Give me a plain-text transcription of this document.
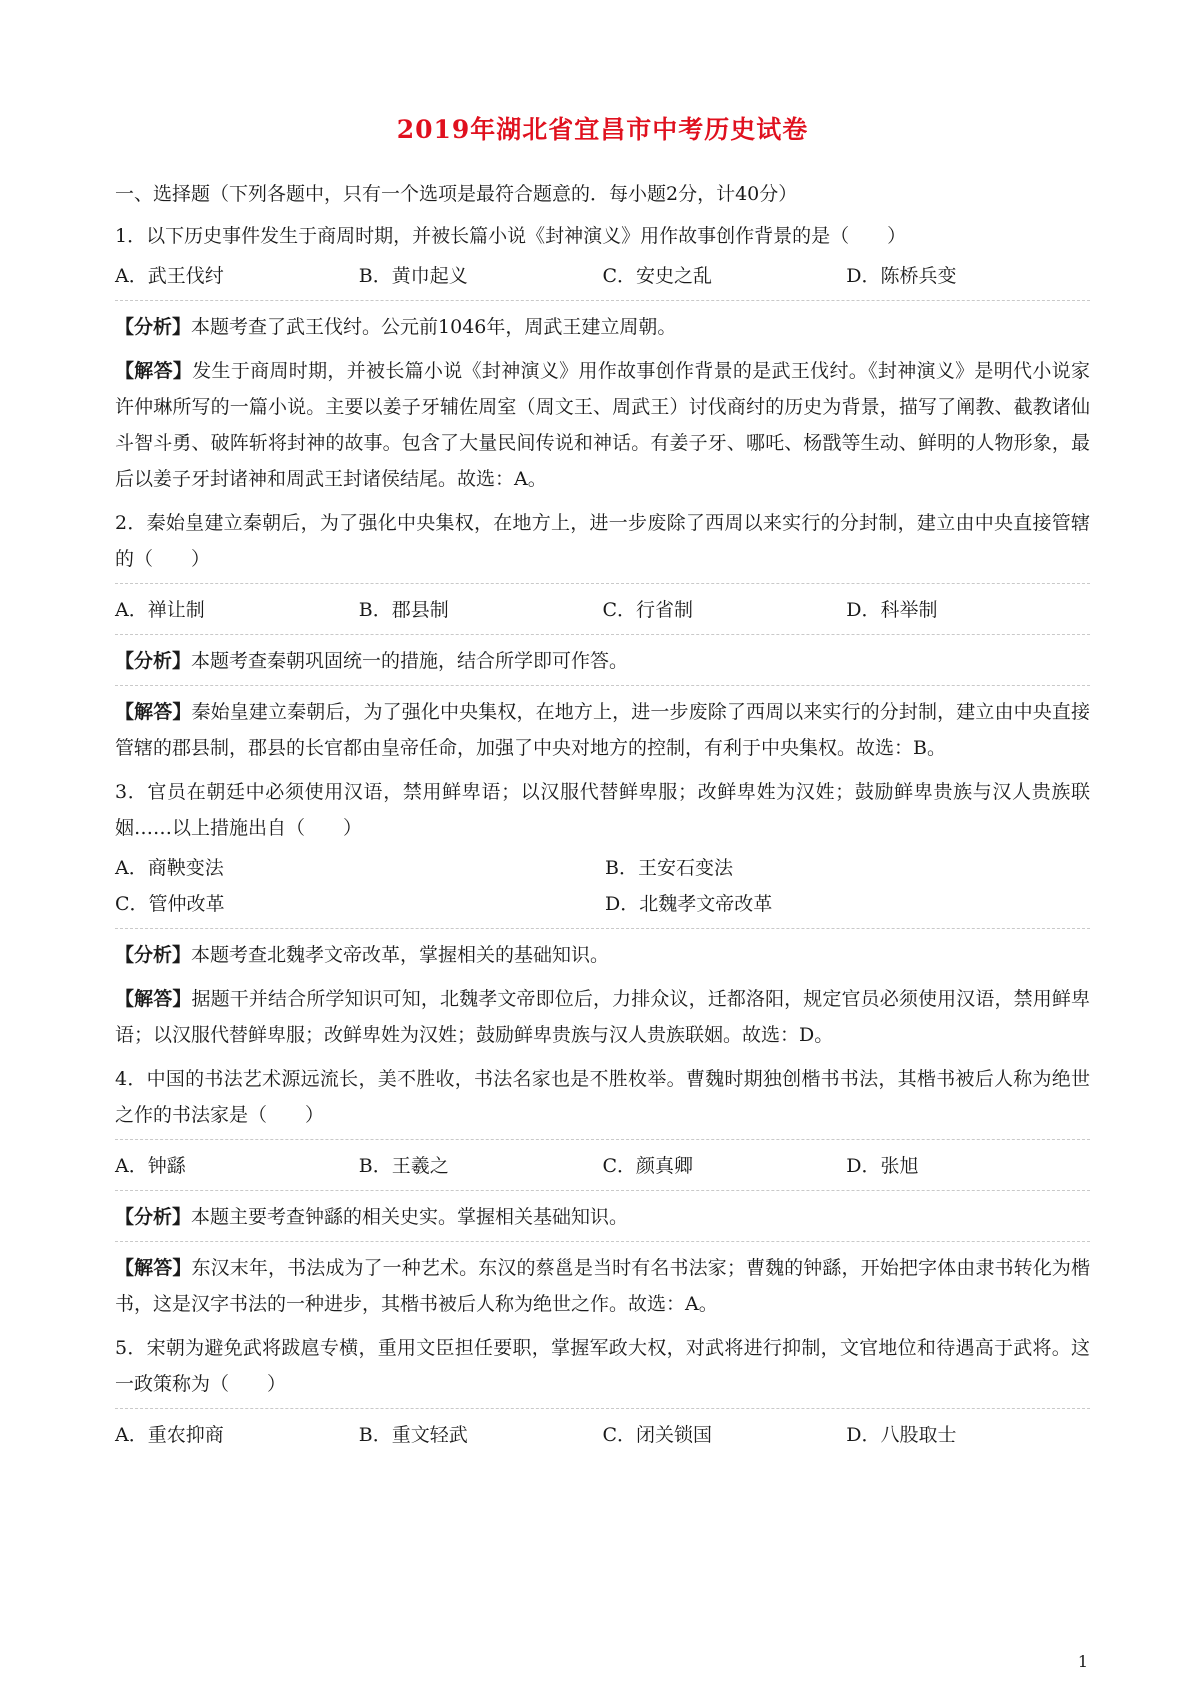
2019年湖北省宜昌市中考历史试卷
一、选择题（下列各题中，只有一个选项是最符合题意的．每小题2分，计40分）

1．以下历史事件发生于商周时期，并被长篇小说《封神演义》用作故事创作背景的是（　　）

A．武王伐纣	B．黄巾起义	C．安史之乱	D．陈桥兵变

【分析】本题考查了武王伐纣。公元前1046年，周武王建立周朝。

【解答】发生于商周时期，并被长篇小说《封神演义》用作故事创作背景的是武王伐纣。《封神演义》是明代小说家许仲琳所写的一篇小说。主要以姜子牙辅佐周室（周文王、周武王）讨伐商纣的历史为背景，描写了阐教、截教诸仙斗智斗勇、破阵斩将封神的故事。包含了大量民间传说和神话。有姜子牙、哪吒、杨戬等生动、鲜明的人物形象，最后以姜子牙封诸神和周武王封诸侯结尾。故选：A。

2．秦始皇建立秦朝后，为了强化中央集权，在地方上，进一步废除了西周以来实行的分封制，建立由中央直接管辖的（　　）

A．禅让制	B．郡县制	C．行省制	D．科举制

【分析】本题考查秦朝巩固统一的措施，结合所学即可作答。

【解答】秦始皇建立秦朝后，为了强化中央集权，在地方上，进一步废除了西周以来实行的分封制，建立由中央直接管辖的郡县制，郡县的长官都由皇帝任命，加强了中央对地方的控制，有利于中央集权。故选：B。

3．官员在朝廷中必须使用汉语，禁用鲜卑语；以汉服代替鲜卑服；改鲜卑姓为汉姓；鼓励鲜卑贵族与汉人贵族联姻……以上措施出自（　　）

A．商鞅变法	B．王安石变法
C．管仲改革	D．北魏孝文帝改革

【分析】本题考查北魏孝文帝改革，掌握相关的基础知识。

【解答】据题干并结合所学知识可知，北魏孝文帝即位后，力排众议，迁都洛阳，规定官员必须使用汉语，禁用鲜卑语；以汉服代替鲜卑服；改鲜卑姓为汉姓；鼓励鲜卑贵族与汉人贵族联姻。故选：D。

4．中国的书法艺术源远流长，美不胜收，书法名家也是不胜枚举。曹魏时期独创楷书书法，其楷书被后人称为绝世之作的书法家是（　　）

A．钟繇	B．王羲之	C．颜真卿	D．张旭

【分析】本题主要考查钟繇的相关史实。掌握相关基础知识。

【解答】东汉末年，书法成为了一种艺术。东汉的蔡邕是当时有名书法家；曹魏的钟繇，开始把字体由隶书转化为楷书，这是汉字书法的一种进步，其楷书被后人称为绝世之作。故选：A。

5．宋朝为避免武将跋扈专横，重用文臣担任要职，掌握军政大权，对武将进行抑制，文官地位和待遇高于武将。这一政策称为（　　）

A．重农抑商	B．重文轻武	C．闭关锁国	D．八股取士
1
